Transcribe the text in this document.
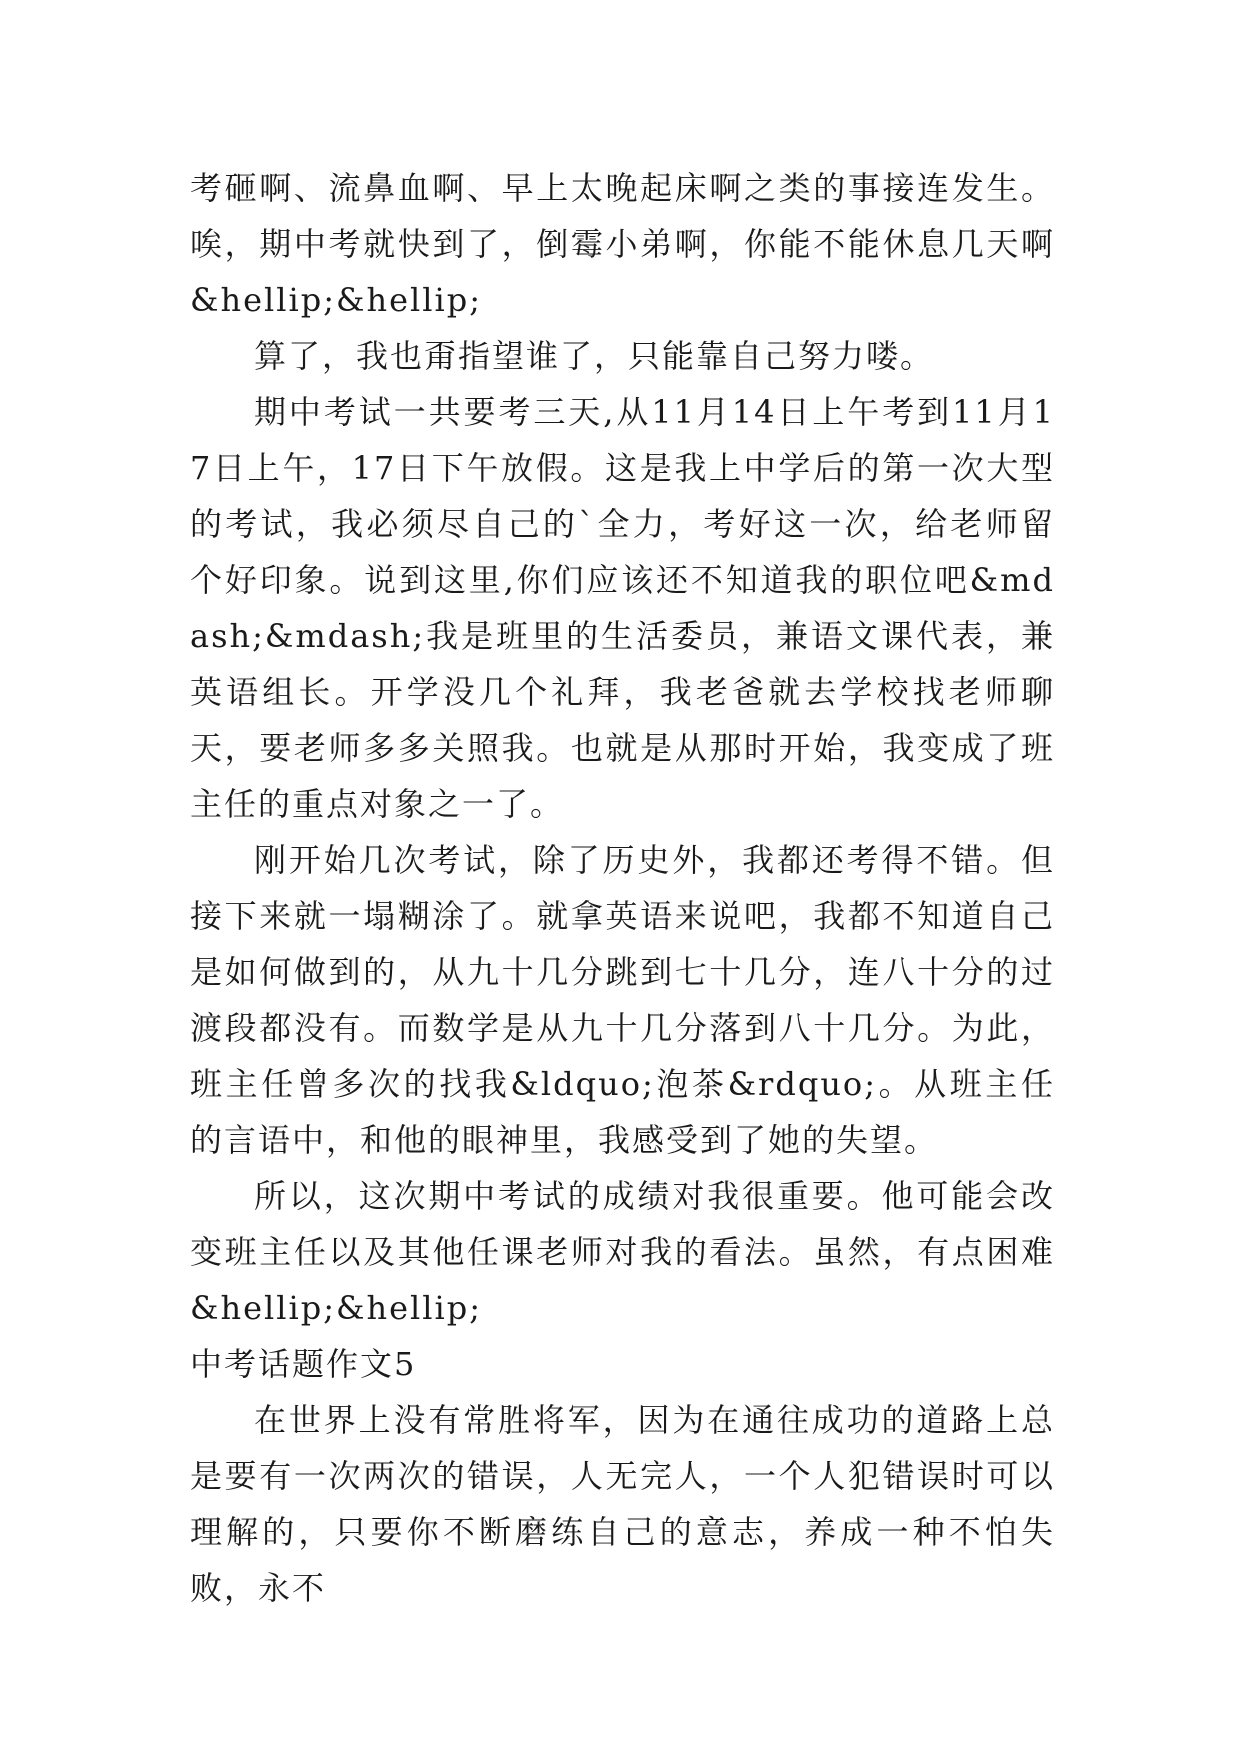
考砸啊、流鼻血啊、早上太晚起床啊之类的事接连发生。唉，期中考就快到了，倒霉小弟啊，你能不能休息几天啊&hellip;&hellip;

算了，我也甭指望谁了，只能靠自己努力喽。

期中考试一共要考三天,从11月14日上午考到11月17日上午，17日下午放假。这是我上中学后的第一次大型的考试，我必须尽自己的`全力，考好这一次，给老师留个好印象。说到这里,你们应该还不知道我的职位吧&mdash;&mdash;我是班里的生活委员，兼语文课代表，兼英语组长。开学没几个礼拜，我老爸就去学校找老师聊天，要老师多多关照我。也就是从那时开始，我变成了班主任的重点对象之一了。

刚开始几次考试，除了历史外，我都还考得不错。但接下来就一塌糊涂了。就拿英语来说吧，我都不知道自己是如何做到的，从九十几分跳到七十几分，连八十分的过渡段都没有。而数学是从九十几分落到八十几分。为此，班主任曾多次的找我&ldquo;泡茶&rdquo;。从班主任的言语中，和他的眼神里，我感受到了她的失望。

所以，这次期中考试的成绩对我很重要。他可能会改变班主任以及其他任课老师对我的看法。虽然，有点困难&hellip;&hellip;

中考话题作文5

在世界上没有常胜将军，因为在通往成功的道路上总是要有一次两次的错误，人无完人，一个人犯错误时可以理解的，只要你不断磨练自己的意志，养成一种不怕失败，永不
